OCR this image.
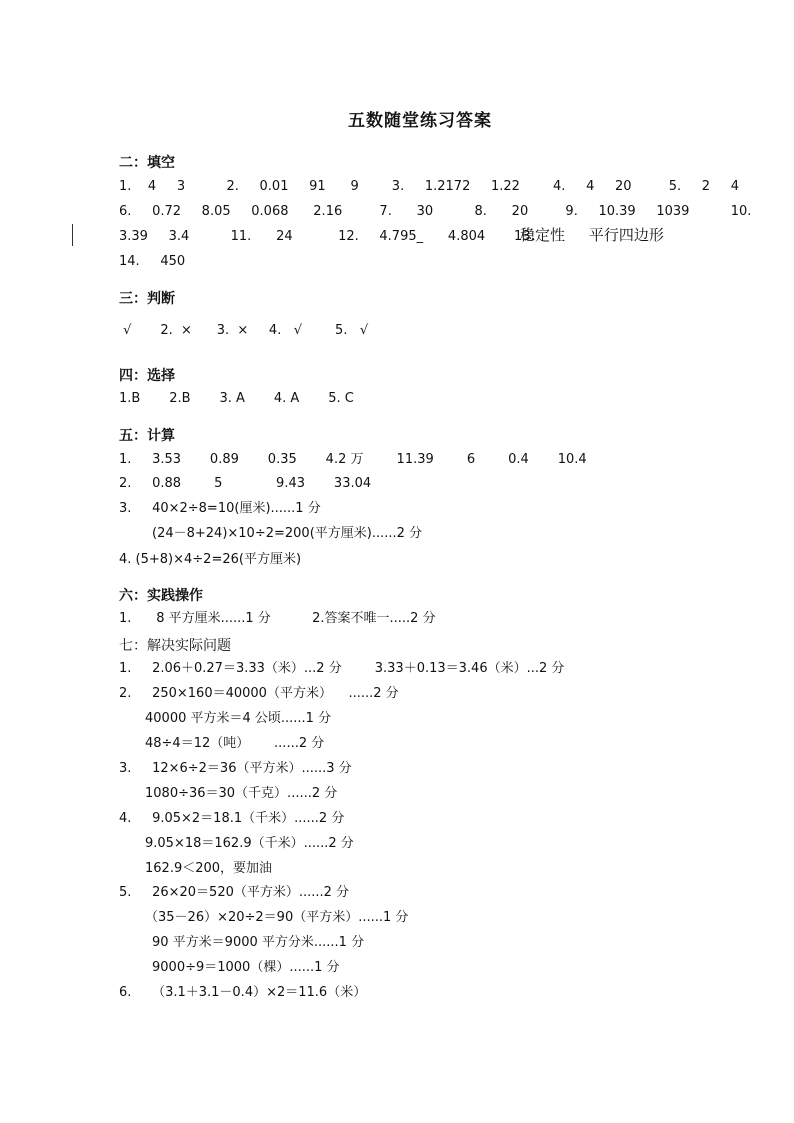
五数随堂练习答案
二：填空
1.    4     3          2.     0.01     91      9        3.     1.2172     1.22        4.     4     20         5.     2     4
6.     0.72     8.05     0.068      2.16         7.      30          8.      20         9.     10.39     1039          10.
3.39     3.4          11.      24           12.     4.795_      4.804       13.
稳定性     平行四边形
14.     450
三：判断
√       2.  ×      3.  ×     4.   √        5.   √
四：选择
1.B       2.B       3. A       4. A       5. C
五：计算
1.     3.53       0.89       0.35       4.2 万        11.39        6        0.4       10.4
2.     0.88        5             9.43       33.04
3.     40×2÷8=10(厘米)......1 分
(24－8+24)×10÷2=200(平方厘米)......2 分
4. (5+8)×4÷2=26(平方厘米)
六：实践操作
1.      8 平方厘米......1 分          2.答案不唯一.....2 分
七：解决实际问题
1.     2.06＋0.27＝3.33（米）...2 分        3.33＋0.13＝3.46（米）...2 分
2.     250×160＝40000（平方米）    ......2 分
40000 平方米＝4 公顷......1 分
48÷4＝12（吨）      ......2 分
3.     12×6÷2＝36（平方米）......3 分
1080÷36＝30（千克）......2 分
4.     9.05×2＝18.1（千米）......2 分
9.05×18＝162.9（千米）......2 分
162.9＜200，要加油
5.     26×20＝520（平方米）......2 分
（35－26）×20÷2＝90（平方米）......1 分
90 平方米＝9000 平方分米......1 分
9000÷9＝1000（棵）......1 分
6.     （3.1＋3.1－0.4）×2＝11.6（米）
